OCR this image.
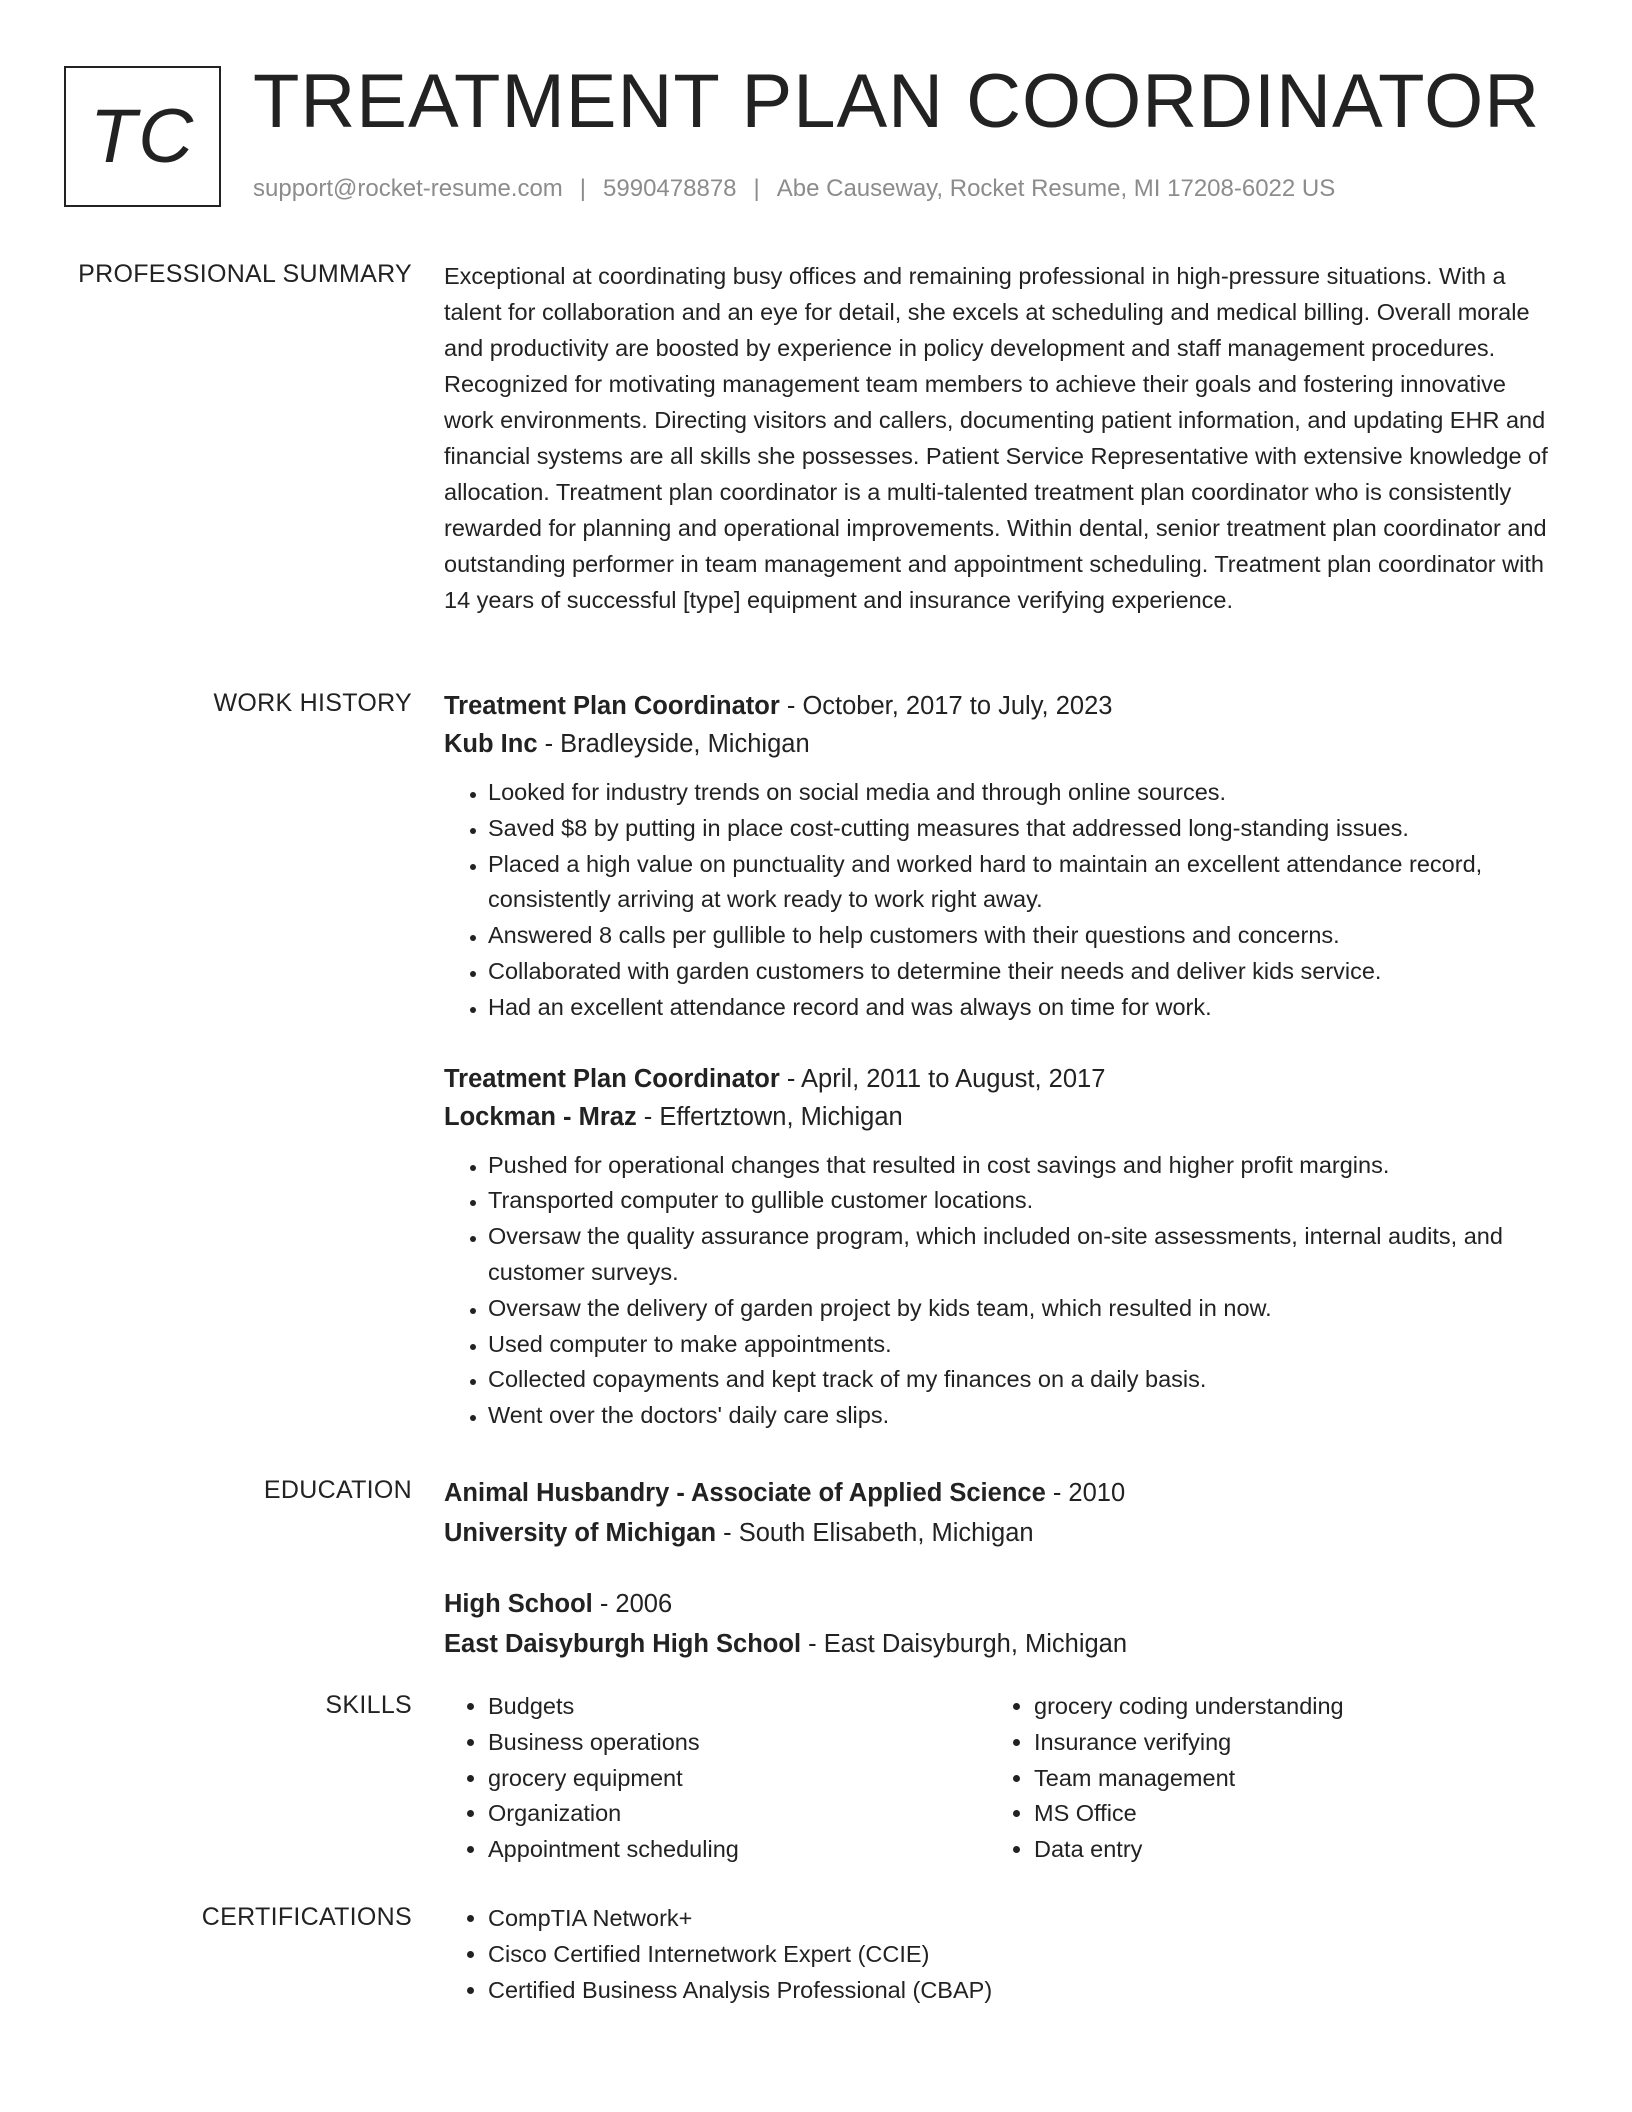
TC TREATMENT PLAN COORDINATOR
support@rocket-resume.com | 5990478878 | Abe Causeway, Rocket Resume, MI 17208-6022 US
PROFESSIONAL SUMMARY Exceptional at coordinating busy offices and remaining professional in high-pressure situations. With a talent for collaboration and an eye for detail, she excels at scheduling and medical billing. Overall morale and productivity are boosted by experience in policy development and staff management procedures. Recognized for motivating management team members to achieve their goals and fostering innovative work environments. Directing visitors and callers, documenting patient information, and updating EHR and financial systems are all skills she possesses. Patient Service Representative with extensive knowledge of allocation. Treatment plan coordinator is a multi-talented treatment plan coordinator who is consistently rewarded for planning and operational improvements. Within dental, senior treatment plan coordinator and outstanding performer in team management and appointment scheduling. Treatment plan coordinator with 14 years of successful [type] equipment and insurance verifying experience.

WORK HISTORY Treatment Plan Coordinator - October, 2017 to July, 2023
Kub Inc - Bradleyside, Michigan
• Looked for industry trends on social media and through online sources.
• Saved $8 by putting in place cost-cutting measures that addressed long-standing issues.
• Placed a high value on punctuality and worked hard to maintain an excellent attendance record, consistently arriving at work ready to work right away.
• Answered 8 calls per gullible to help customers with their questions and concerns.
• Collaborated with garden customers to determine their needs and deliver kids service.
• Had an excellent attendance record and was always on time for work.
Treatment Plan Coordinator - April, 2011 to August, 2017
Lockman - Mraz - Effertztown, Michigan
• Pushed for operational changes that resulted in cost savings and higher profit margins.
• Transported computer to gullible customer locations.
• Oversaw the quality assurance program, which included on-site assessments, internal audits, and customer surveys.
• Oversaw the delivery of garden project by kids team, which resulted in now.
• Used computer to make appointments.
• Collected copayments and kept track of my finances on a daily basis.
• Went over the doctors' daily care slips.
EDUCATION Animal Husbandry - Associate of Applied Science - 2010
University of Michigan - South Elisabeth, Michigan
High School - 2006
East Daisyburgh High School - East Daisyburgh, Michigan
SKILLS	• Budgets
• Business operations
• grocery equipment
• Organization
• Appointment scheduling
• grocery coding understanding
• Insurance verifying
• Team management
• MS Office
• Data entry
CERTIFICATIONS	• CompTIA Network+
• Cisco Certified Internetwork Expert (CCIE)
• Certified Business Analysis Professional (CBAP)
